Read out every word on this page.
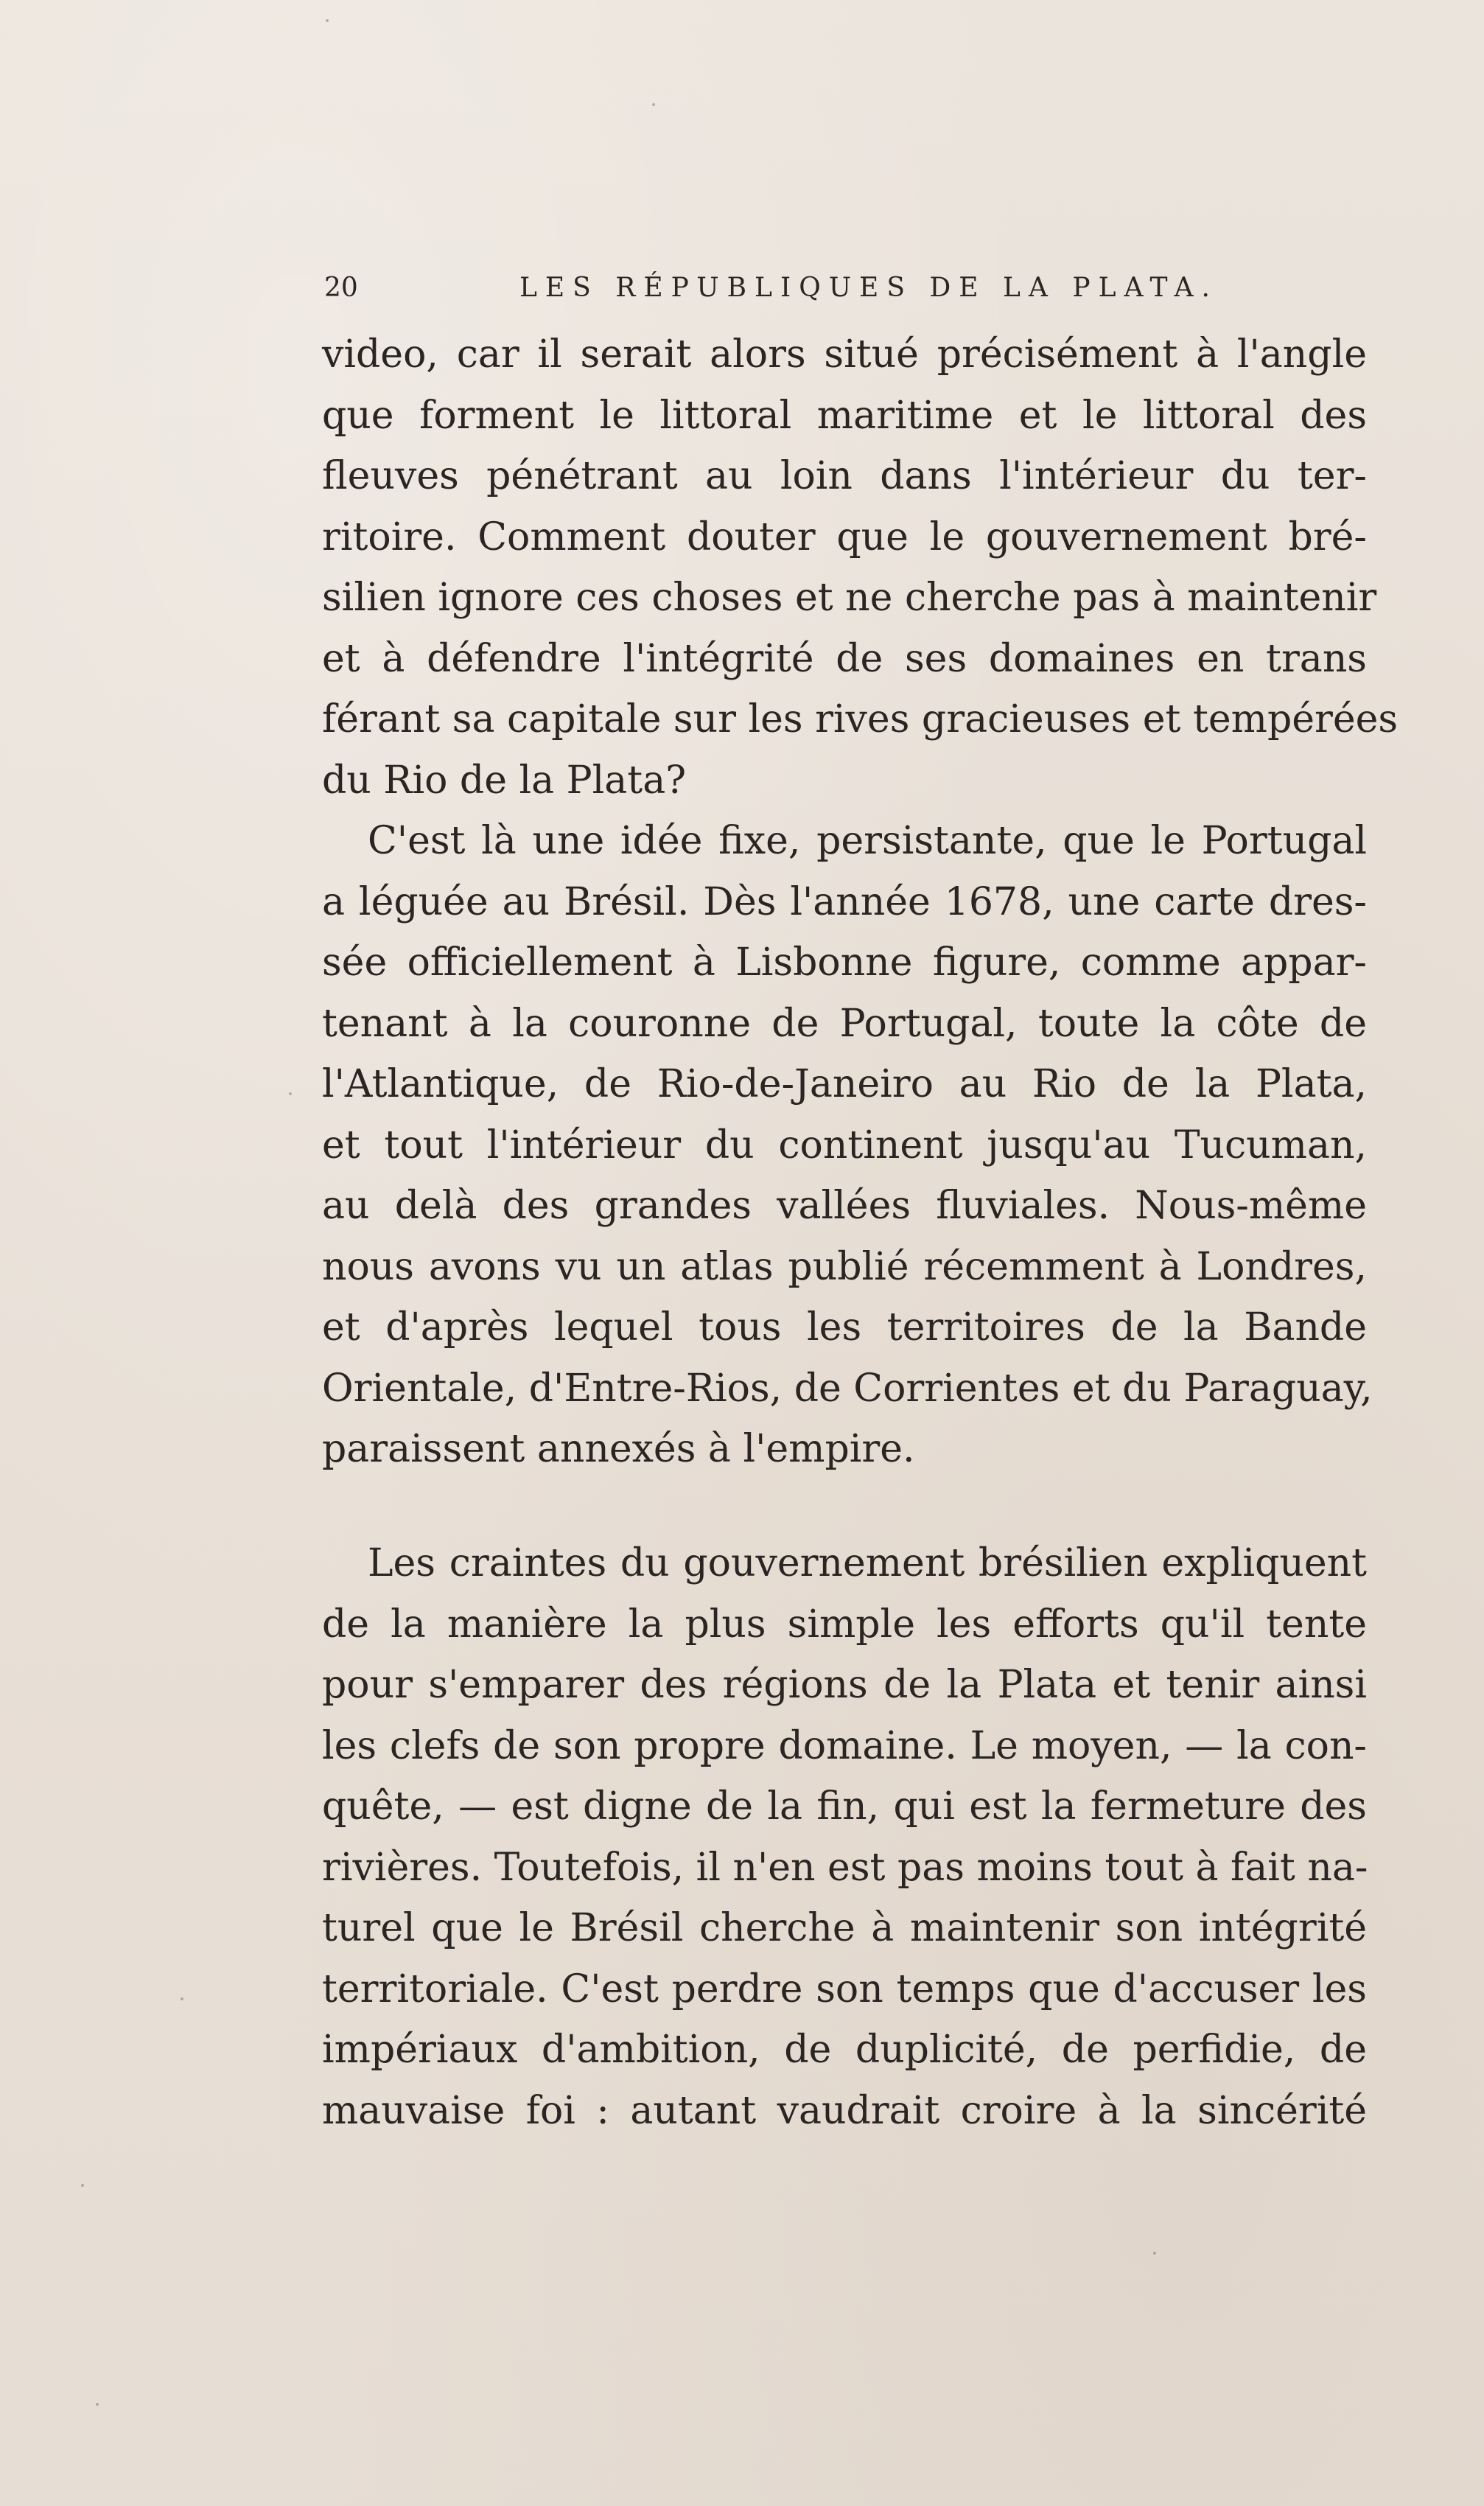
20	LES RÉPUBLIQUES DE LA PLATA.
video, car il serait alors situé précisément à l'angle
que forment le littoral maritime et le littoral des
fleuves pénétrant au loin dans l'intérieur du ter-
ritoire. Comment douter que le gouvernement bré-
silien ignore ces choses et ne cherche pas à maintenir
et à défendre l'intégrité de ses domaines en trans
férant sa capitale sur les rives gracieuses et tempérées
du Rio de la Plata?
C'est là une idée fixe, persistante, que le Portugal
a léguée au Brésil. Dès l'année 1678, une carte dres-
sée officiellement à Lisbonne figure, comme appar-
tenant à la couronne de Portugal, toute la côte de
l'Atlantique, de Rio-de-Janeiro au Rio de la Plata,
et tout l'intérieur du continent jusqu'au Tucuman,
au delà des grandes vallées fluviales. Nous-même
nous avons vu un atlas publié récemment à Londres,
et d'après lequel tous les territoires de la Bande
Orientale, d'Entre-Rios, de Corrientes et du Paraguay,
paraissent annexés à l'empire.
Les craintes du gouvernement brésilien expliquent
de la manière la plus simple les efforts qu'il tente
pour s'emparer des régions de la Plata et tenir ainsi
les clefs de son propre domaine. Le moyen, — la con-
quête, — est digne de la fin, qui est la fermeture des
rivières. Toutefois, il n'en est pas moins tout à fait na-
turel que le Brésil cherche à maintenir son intégrité
territoriale. C'est perdre son temps que d'accuser les
impériaux d'ambition, de duplicité, de perfidie, de
mauvaise foi : autant vaudrait croire à la sincérité
